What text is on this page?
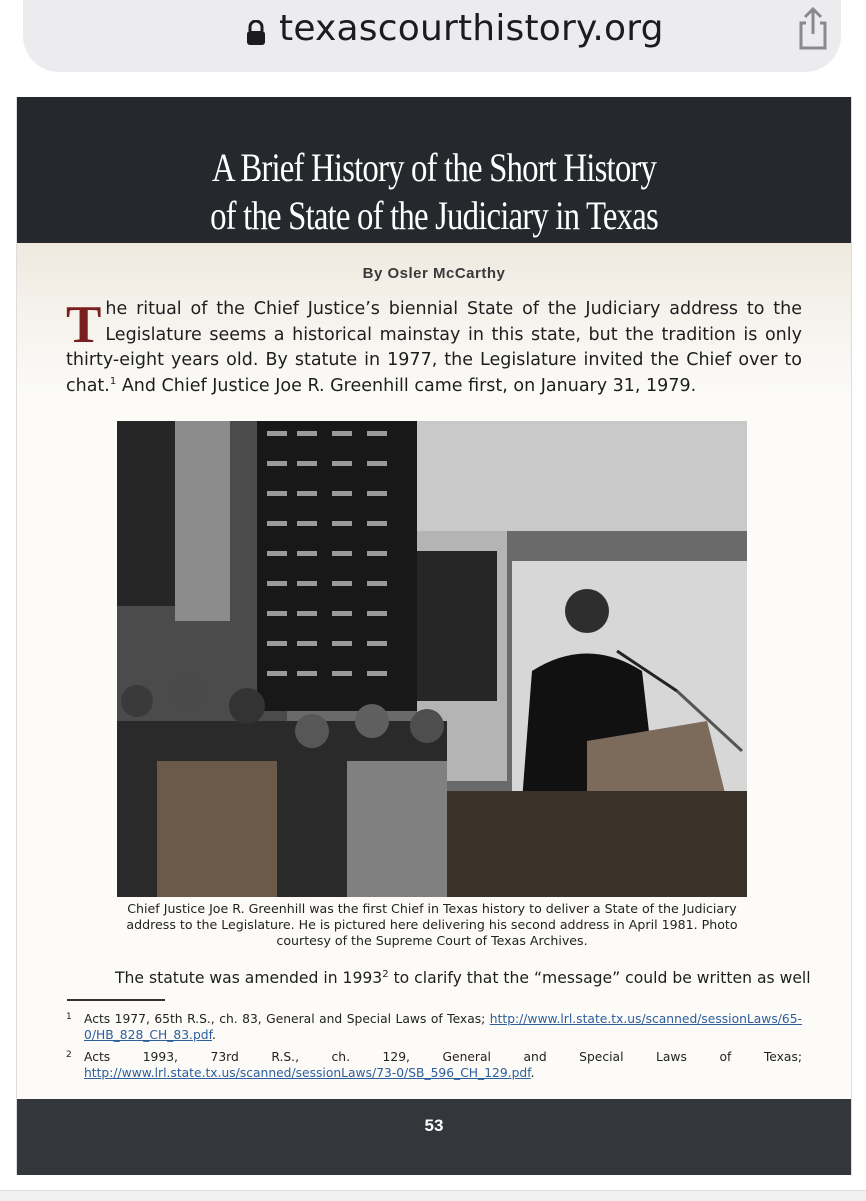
texascourthistory.org
A Brief History of the Short History
of the State of the Judiciary in Texas
By Osler McCarthy
The ritual of the Chief Justice’s biennial State of the Judiciary address to the Legislature seems a historical mainstay in this state, but the tradition is only thirty-eight years old. By statute in 1977, the Legislature invited the Chief over to chat.$^1$ And Chief Justice Joe R. Greenhill came first, on January 31, 1979.
Chief Justice Joe R. Greenhill was the first Chief in Texas history to deliver a State of the Judiciary address to the Legislature. He is pictured here delivering his second address in April 1981. Photo courtesy of the Supreme Court of Texas Archives.
The statute was amended in 1993$^2$ to clarify that the “message” could be written as well
1 Acts 1977, 65th R.S., ch. 83, General and Special Laws of Texas; http://www.lrl.state.tx.us/scanned/sessionLaws/65-0/HB_828_CH_83.pdf.
2 Acts 1993, 73rd R.S., ch. 129, General and Special Laws of Texas; http://www.lrl.state.tx.us/scanned/sessionLaws/73-0/SB_596_CH_129.pdf.
53
